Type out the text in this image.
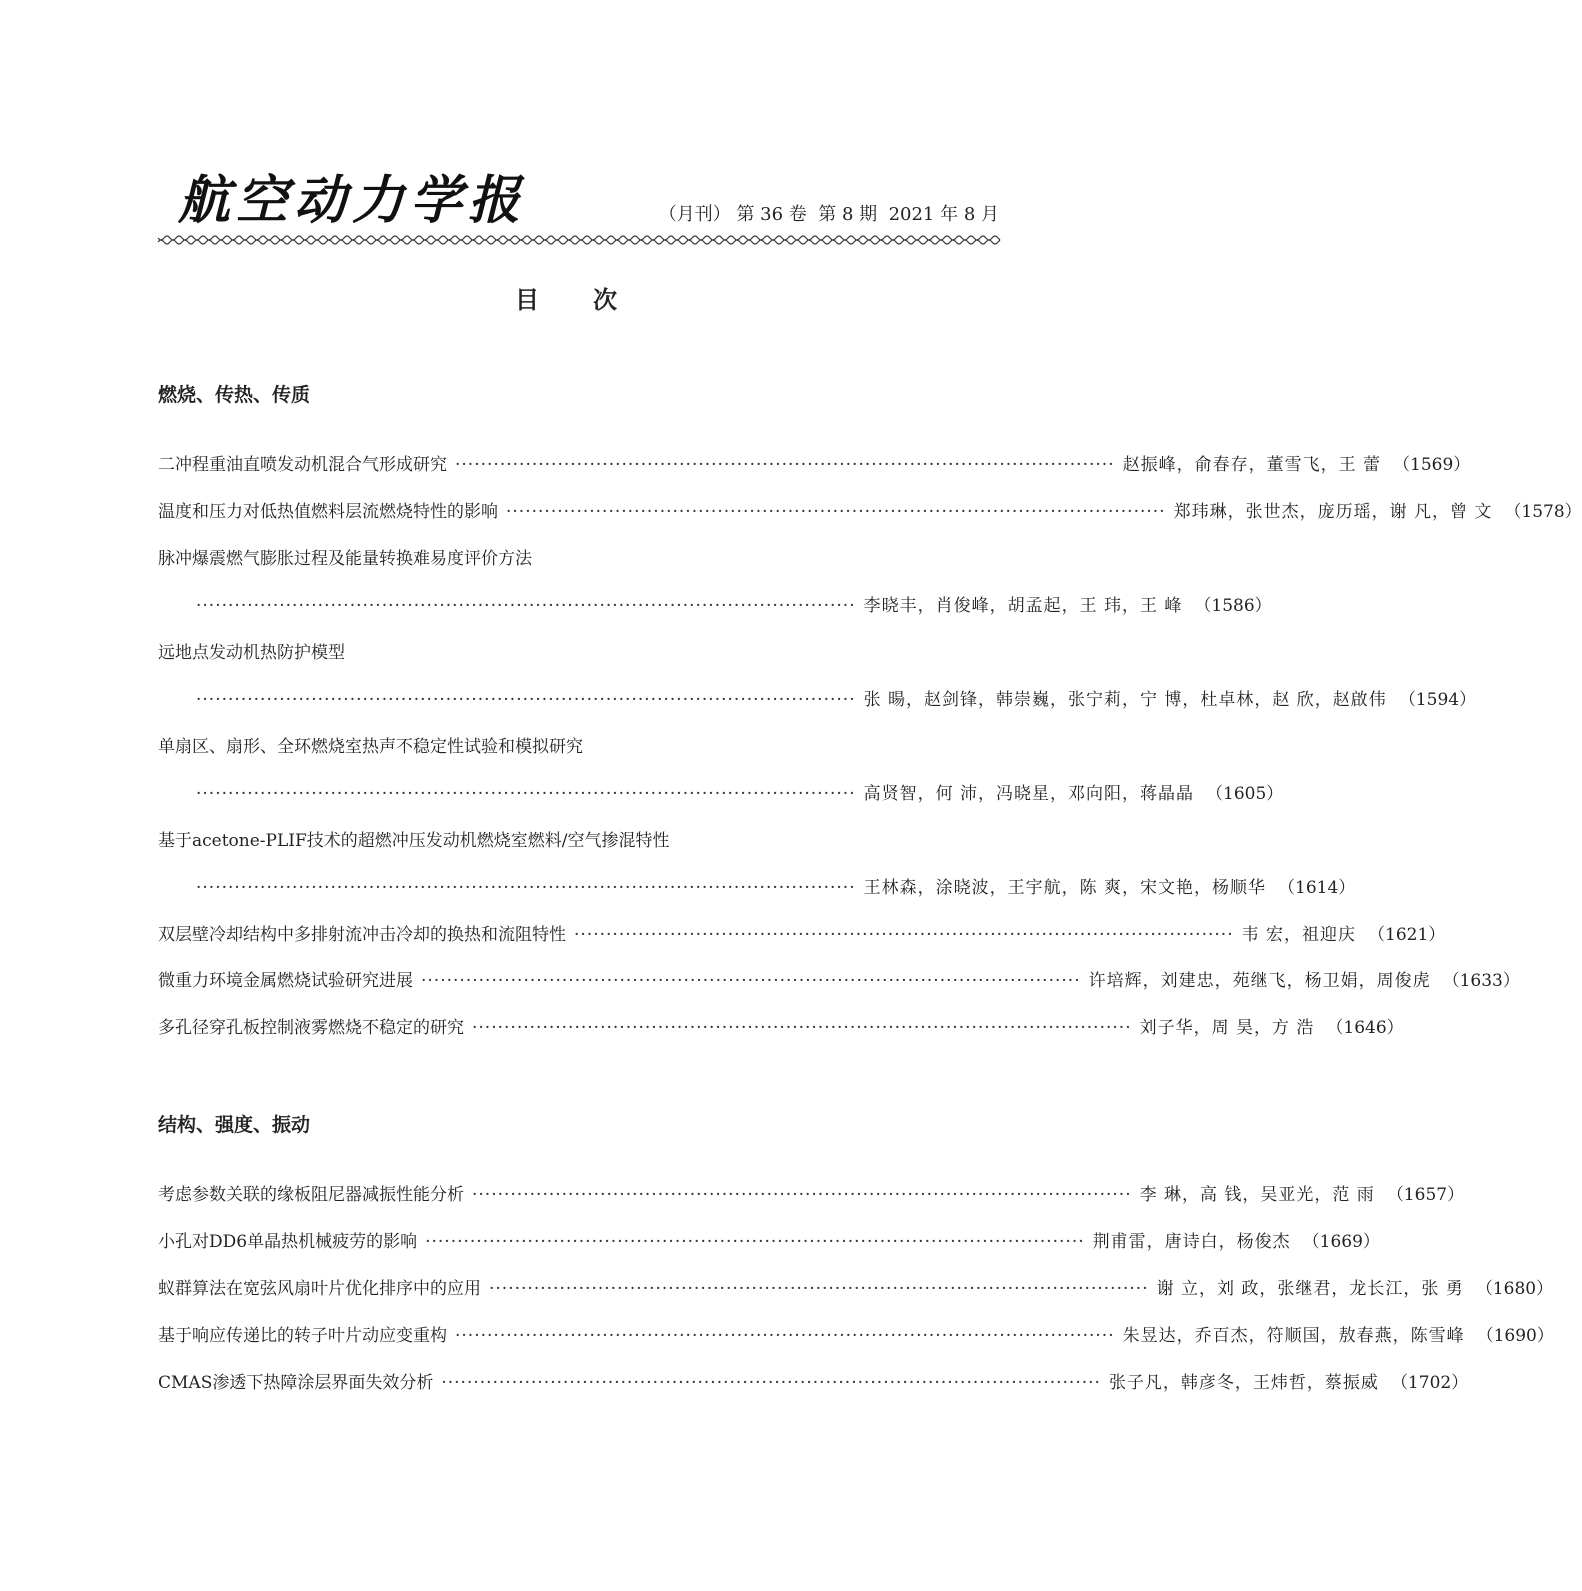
航空动力学报	（月刊） 第 36 卷  第 8 期  2021 年 8 月
目　　次
燃烧、传热、传质
二冲程重油直喷发动机混合气形成研究 ······································································································· 赵振峰，俞春存，董雪飞，王 蕾 （1569）
温度和压力对低热值燃料层流燃烧特性的影响 ······································································································· 郑玮琳，张世杰，庞历瑶，谢 凡，曾 文 （1578）
脉冲爆震燃气膨胀过程及能量转换难易度评价方法
······································································································· 李晓丰，肖俊峰，胡孟起，王 玮，王 峰 （1586）
远地点发动机热防护模型
······································································································· 张 暘，赵剑锋，韩崇巍，张宁莉，宁 博，杜卓林，赵 欣，赵啟伟 （1594）
单扇区、扇形、全环燃烧室热声不稳定性试验和模拟研究
······································································································· 高贤智，何 沛，冯晓星，邓向阳，蒋晶晶 （1605）
基于acetone-PLIF技术的超燃冲压发动机燃烧室燃料/空气掺混特性
······································································································· 王林森，涂晓波，王宇航，陈 爽，宋文艳，杨顺华 （1614）
双层壁冷却结构中多排射流冲击冷却的换热和流阻特性 ······································································································· 韦 宏，祖迎庆 （1621）
微重力环境金属燃烧试验研究进展 ······································································································· 许培辉，刘建忠，苑继飞，杨卫娟，周俊虎 （1633）
多孔径穿孔板控制液雾燃烧不稳定的研究 ······································································································· 刘子华，周 昊，方 浩 （1646）
结构、强度、振动
考虑参数关联的缘板阻尼器减振性能分析 ······································································································· 李 琳，高 钱，吴亚光，范 雨 （1657）
小孔对DD6单晶热机械疲劳的影响 ······································································································· 荆甫雷，唐诗白，杨俊杰 （1669）
蚁群算法在宽弦风扇叶片优化排序中的应用 ······································································································· 谢 立，刘 政，张继君，龙长江，张 勇 （1680）
基于响应传递比的转子叶片动应变重构 ······································································································· 朱昱达，乔百杰，符顺国，敖春燕，陈雪峰 （1690）
CMAS渗透下热障涂层界面失效分析 ······································································································· 张子凡，韩彦冬，王炜哲，蔡振威 （1702）
